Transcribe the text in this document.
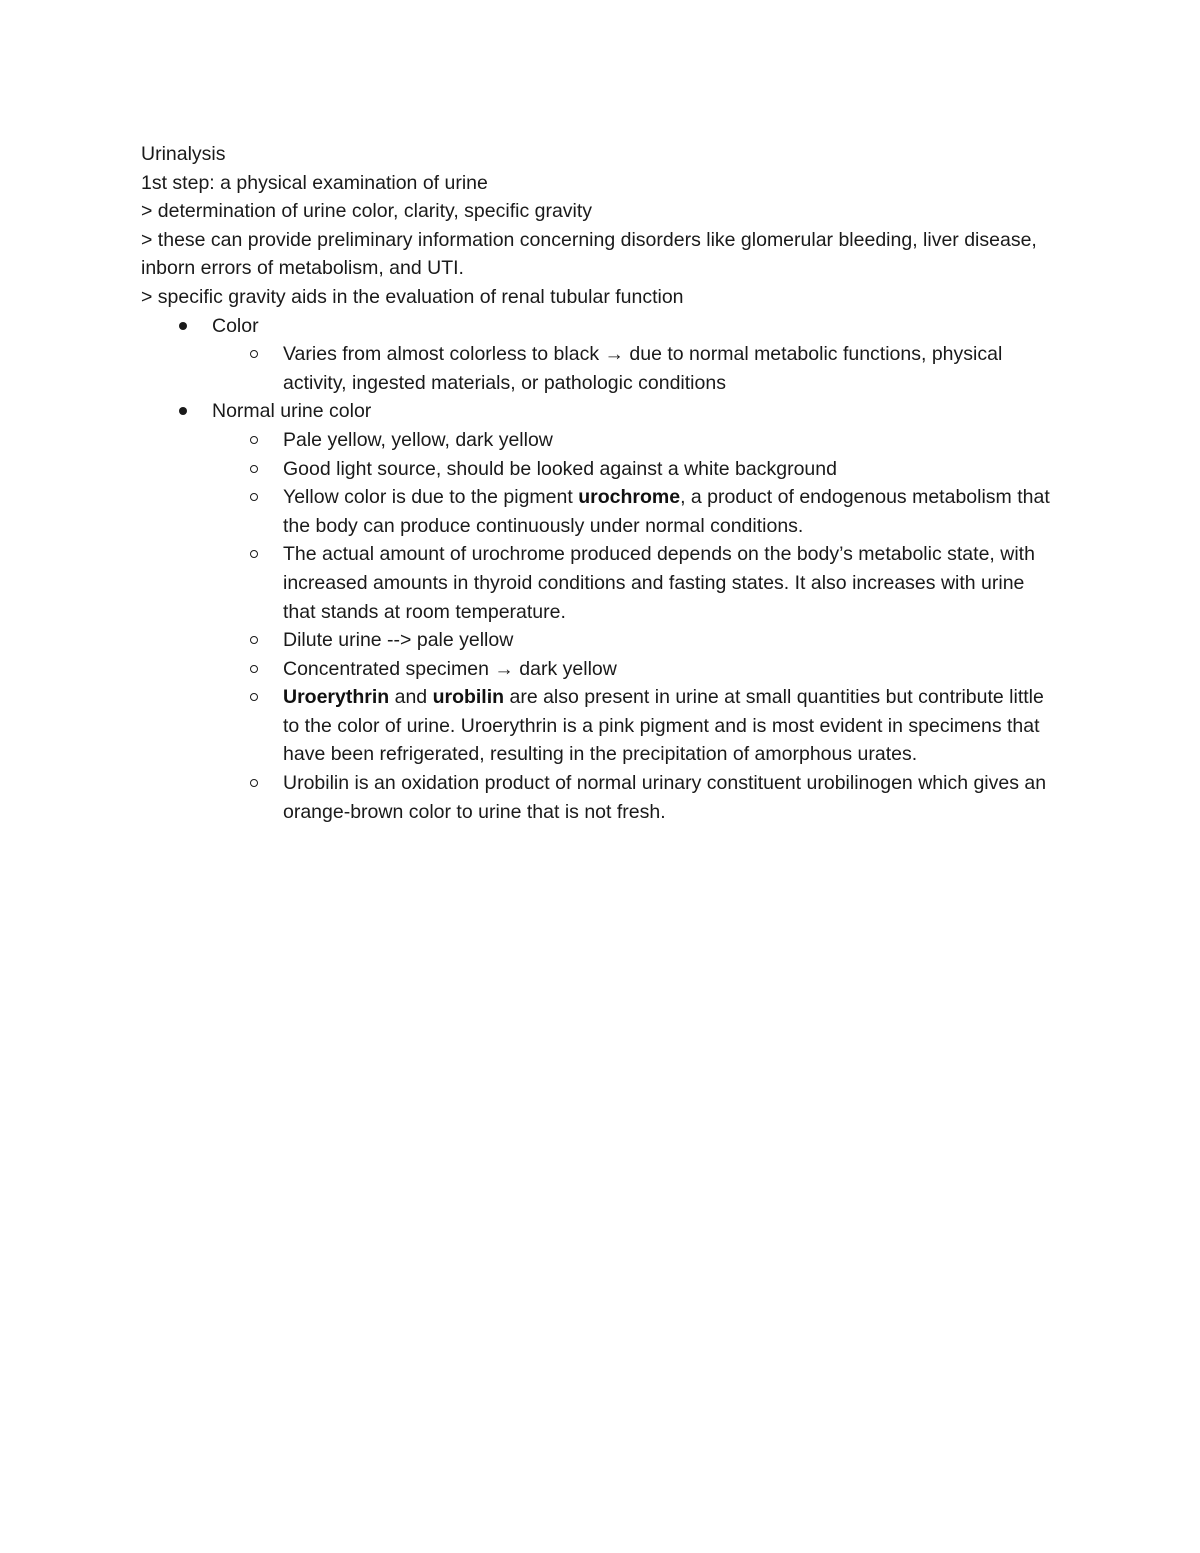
Urinalysis

1st step: a physical examination of urine

> determination of urine color, clarity, specific gravity

> these can provide preliminary information concerning disorders like glomerular bleeding, liver disease, inborn errors of metabolism, and UTI.

> specific gravity aids in the evaluation of renal tubular function

Color
Varies from almost colorless to black → due to normal metabolic functions, physical activity, ingested materials, or pathologic conditions
Normal urine color
Pale yellow, yellow, dark yellow
Good light source, should be looked against a white background
Yellow color is due to the pigment urochrome, a product of endogenous metabolism that the body can produce continuously under normal conditions.
The actual amount of urochrome produced depends on the body’s metabolic state, with increased amounts in thyroid conditions and fasting states. It also increases with urine that stands at room temperature.
Dilute urine --> pale yellow
Concentrated specimen → dark yellow
Uroerythrin and urobilin are also present in urine at small quantities but contribute little to the color of urine. Uroerythrin is a pink pigment and is most evident in specimens that have been refrigerated, resulting in the precipitation of amorphous urates.
Urobilin is an oxidation product of normal urinary constituent urobilinogen which gives an orange-brown color to urine that is not fresh.
